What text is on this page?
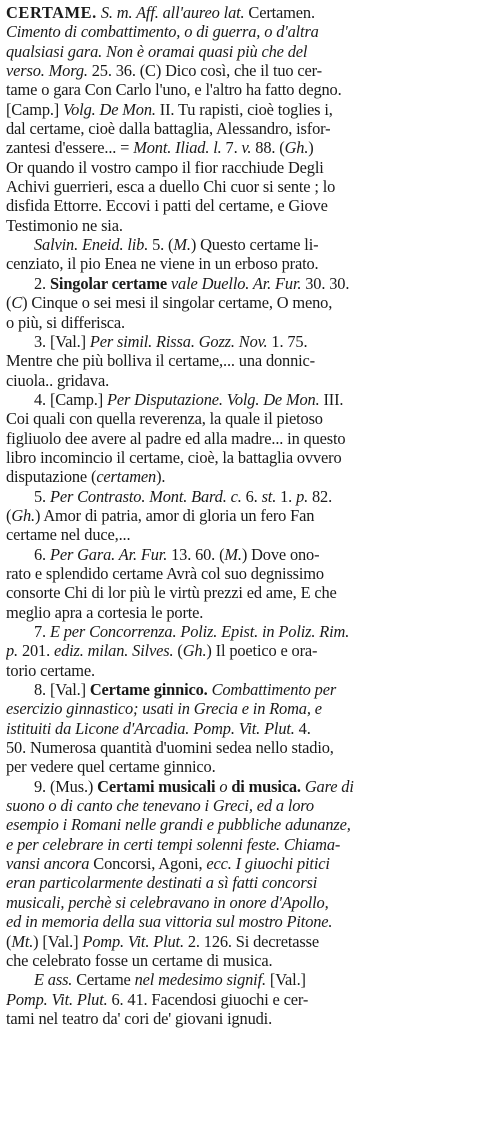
CERTAME. S. m. Aff. all'aureo lat. Certamen.
Cimento di combattimento, o di guerra, o d'altra
qualsiasi gara. Non è oramai quasi più che del
verso. Morg. 25. 36. (C) Dico così, che il tuo cer-
tame o gara Con Carlo l'uno, e l'altro ha fatto degno.
[Camp.] Volg. De Mon. II. Tu rapisti, cioè toglies i,
dal certame, cioè dalla battaglia, Alessandro, isfor-
zantesi d'essere... = Mont. Iliad. l. 7. v. 88. (Gh.)
Or quando il vostro campo il fior racchiude Degli
Achivi guerrieri, esca a duello Chi cuor si sente ; lo
disfida Ettorre. Eccovi i patti del certame, e Giove
Testimonio ne sia.
Salvin. Eneid. lib. 5. (M.) Questo certame li-
cenziato, il pio Enea ne viene in un erboso prato.
2. Singolar certame vale Duello. Ar. Fur. 30. 30.
(C) Cinque o sei mesi il singolar certame, O meno,
o più, si differisca.
3. [Val.] Per simil. Rissa. Gozz. Nov. 1. 75.
Mentre che più bolliva il certame,... una donnic-
ciuola.. gridava.
4. [Camp.] Per Disputazione. Volg. De Mon. III.
Coi quali con quella reverenza, la quale il pietoso
figliuolo dee avere al padre ed alla madre... in questo
libro incomincio il certame, cioè, la battaglia ovvero
disputazione (certamen).
5. Per Contrasto. Mont. Bard. c. 6. st. 1. p. 82.
(Gh.) Amor di patria, amor di gloria un fero Fan
certame nel duce,...
6. Per Gara. Ar. Fur. 13. 60. (M.) Dove ono-
rato e splendido certame Avrà col suo degnissimo
consorte Chi di lor più le virtù prezzi ed ame, E che
meglio apra a cortesia le porte.
7. E per Concorrenza. Poliz. Epist. in Poliz. Rim.
p. 201. ediz. milan. Silves. (Gh.) Il poetico e ora-
torio certame.
8. [Val.] Certame ginnico. Combattimento per
esercizio ginnastico; usati in Grecia e in Roma, e
istituiti da Licone d'Arcadia. Pomp. Vit. Plut. 4.
50. Numerosa quantità d'uomini sedea nello stadio,
per vedere quel certame ginnico.
9. (Mus.) Certami musicali o di musica. Gare di
suono o di canto che tenevano i Greci, ed a loro
esempio i Romani nelle grandi e pubbliche adunanze,
e per celebrare in certi tempi solenni feste. Chiama-
vansi ancora Concorsi, Agoni, ecc. I giuochi pitici
eran particolarmente destinati a sì fatti concorsi
musicali, perchè si celebravano in onore d'Apollo,
ed in memoria della sua vittoria sul mostro Pitone.
(Mt.) [Val.] Pomp. Vit. Plut. 2. 126. Si decretasse
che celebrato fosse un certame di musica.
E ass. Certame nel medesimo signif. [Val.]
Pomp. Vit. Plut. 6. 41. Facendosi giuochi e cer-
tami nel teatro da' cori de' giovani ignudi.
